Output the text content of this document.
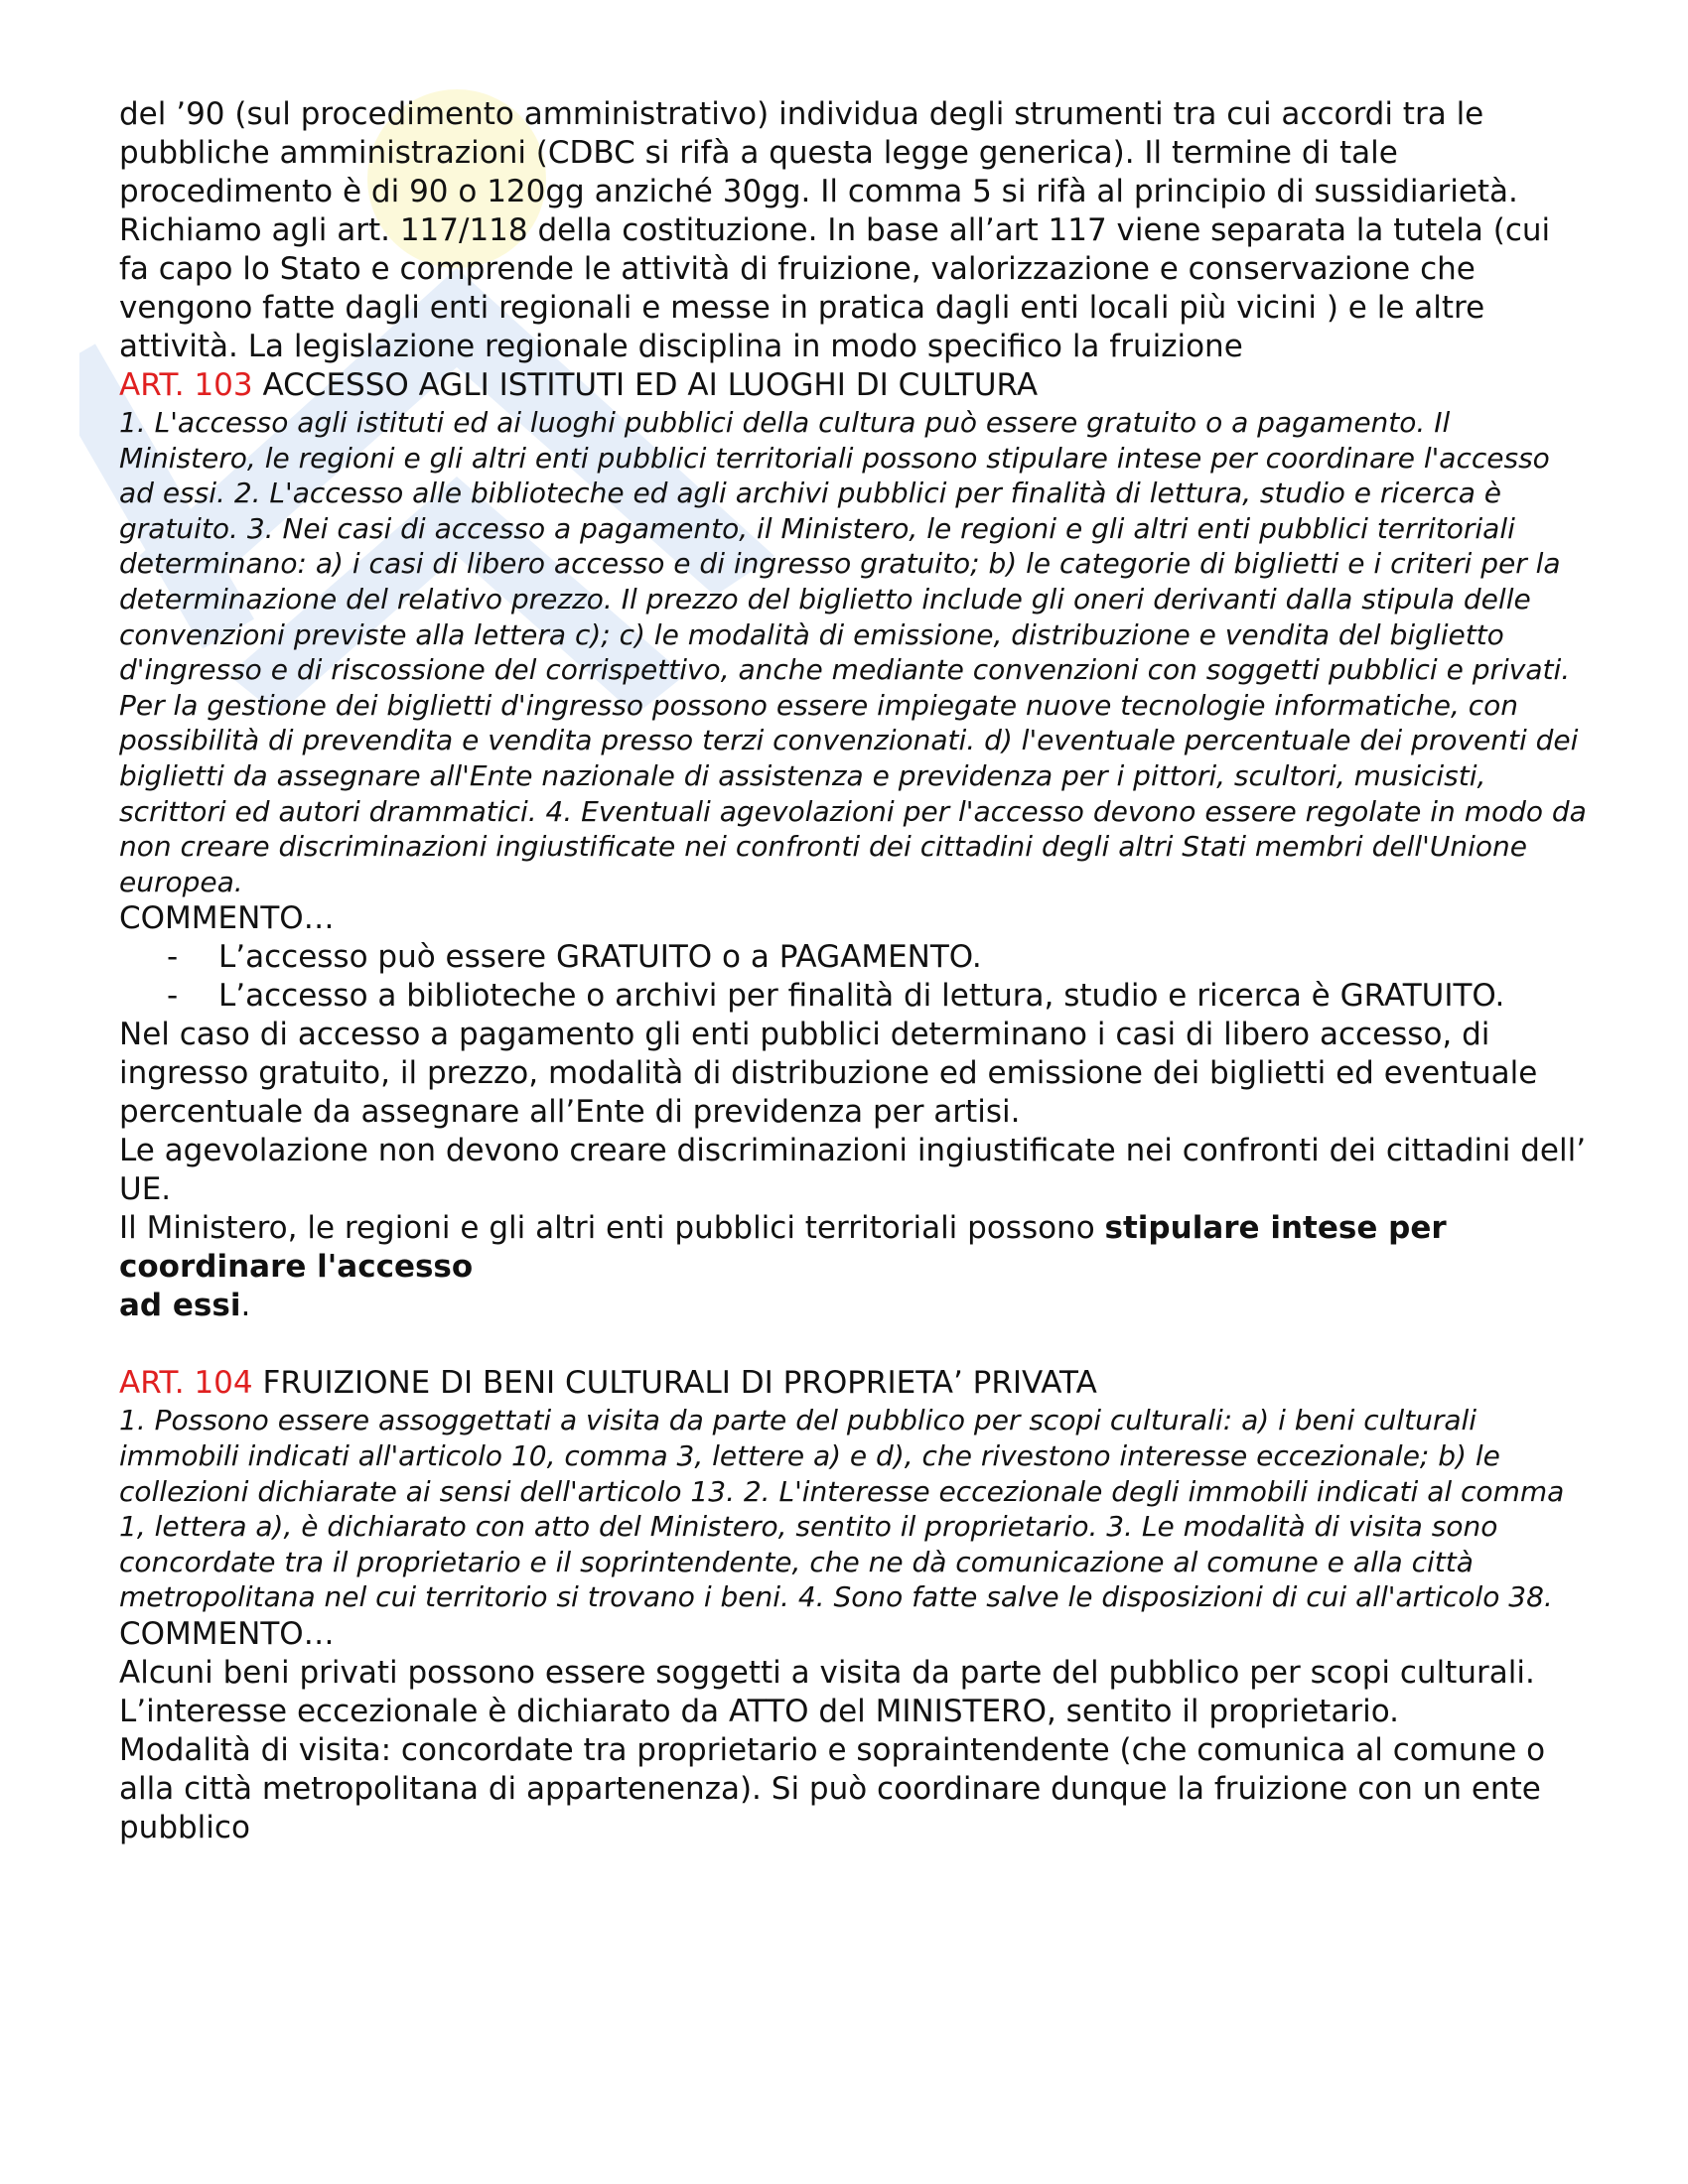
del ’90 (sul procedimento amministrativo) individua degli strumenti tra cui accordi tra le pubbliche amministrazioni (CDBC si rifà a questa legge generica). Il termine di tale procedimento è di 90 o 120gg anziché 30gg. Il comma 5 si rifà al principio di sussidiarietà. Richiamo agli art. 117/118 della costituzione. In base all’art 117 viene separata la tutela (cui fa capo lo Stato e comprende le attività di fruizione, valorizzazione e conservazione che vengono fatte dagli enti regionali e messe in pratica dagli enti locali più vicini ) e le altre attività. La legislazione regionale disciplina in modo specifico la fruizione

ART. 103 ACCESSO AGLI ISTITUTI ED AI LUOGHI DI CULTURA

1. L'accesso agli istituti ed ai luoghi pubblici della cultura può essere gratuito o a pagamento. Il Ministero, le regioni e gli altri enti pubblici territoriali possono stipulare intese per coordinare l'accesso ad essi. 2. L'accesso alle biblioteche ed agli archivi pubblici per finalità di lettura, studio e ricerca è gratuito. 3. Nei casi di accesso a pagamento, il Ministero, le regioni e gli altri enti pubblici territoriali determinano: a) i casi di libero accesso e di ingresso gratuito; b) le categorie di biglietti e i criteri per la determinazione del relativo prezzo. Il prezzo del biglietto include gli oneri derivanti dalla stipula delle convenzioni previste alla lettera c); c) le modalità di emissione, distribuzione e vendita del biglietto d'ingresso e di riscossione del corrispettivo, anche mediante convenzioni con soggetti pubblici e privati. Per la gestione dei biglietti d'ingresso possono essere impiegate nuove tecnologie informatiche, con possibilità di prevendita e vendita presso terzi convenzionati. d) l'eventuale percentuale dei proventi dei biglietti da assegnare all'Ente nazionale di assistenza e previdenza per i pittori, scultori, musicisti, scrittori ed autori drammatici. 4. Eventuali agevolazioni per l'accesso devono essere regolate in modo da non creare discriminazioni ingiustificate nei confronti dei cittadini degli altri Stati membri dell'Unione europea.

COMMENTO…

- L’accesso può essere GRATUITO o a PAGAMENTO.
- L’accesso a biblioteche o archivi per finalità di lettura, studio e ricerca è GRATUITO.

Nel caso di accesso a pagamento gli enti pubblici determinano i casi di libero accesso, di ingresso gratuito, il prezzo, modalità di distribuzione ed emissione dei biglietti ed eventuale percentuale da assegnare all’Ente di previdenza per artisi.

Le agevolazione non devono creare discriminazioni ingiustificate nei confronti dei cittadini dell’ UE.

Il Ministero, le regioni e gli altri enti pubblici territoriali possono stipulare intese per coordinare l'accesso
ad essi.

ART. 104 FRUIZIONE DI BENI CULTURALI DI PROPRIETA’ PRIVATA

1. Possono essere assoggettati a visita da parte del pubblico per scopi culturali: a) i beni culturali immobili indicati all'articolo 10, comma 3, lettere a) e d), che rivestono interesse eccezionale; b) le collezioni dichiarate ai sensi dell'articolo 13. 2. L'interesse eccezionale degli immobili indicati al comma 1, lettera a), è dichiarato con atto del Ministero, sentito il proprietario. 3. Le modalità di visita sono concordate tra il proprietario e il soprintendente, che ne dà comunicazione al comune e alla città metropolitana nel cui territorio si trovano i beni. 4. Sono fatte salve le disposizioni di cui all'articolo 38.

COMMENTO…

Alcuni beni privati possono essere soggetti a visita da parte del pubblico per scopi culturali.

L’interesse eccezionale è dichiarato da ATTO del MINISTERO, sentito il proprietario.

Modalità di visita: concordate tra proprietario e sopraintendente (che comunica al comune o alla città metropolitana di appartenenza). Si può coordinare dunque la fruizione con un ente

pubblico
